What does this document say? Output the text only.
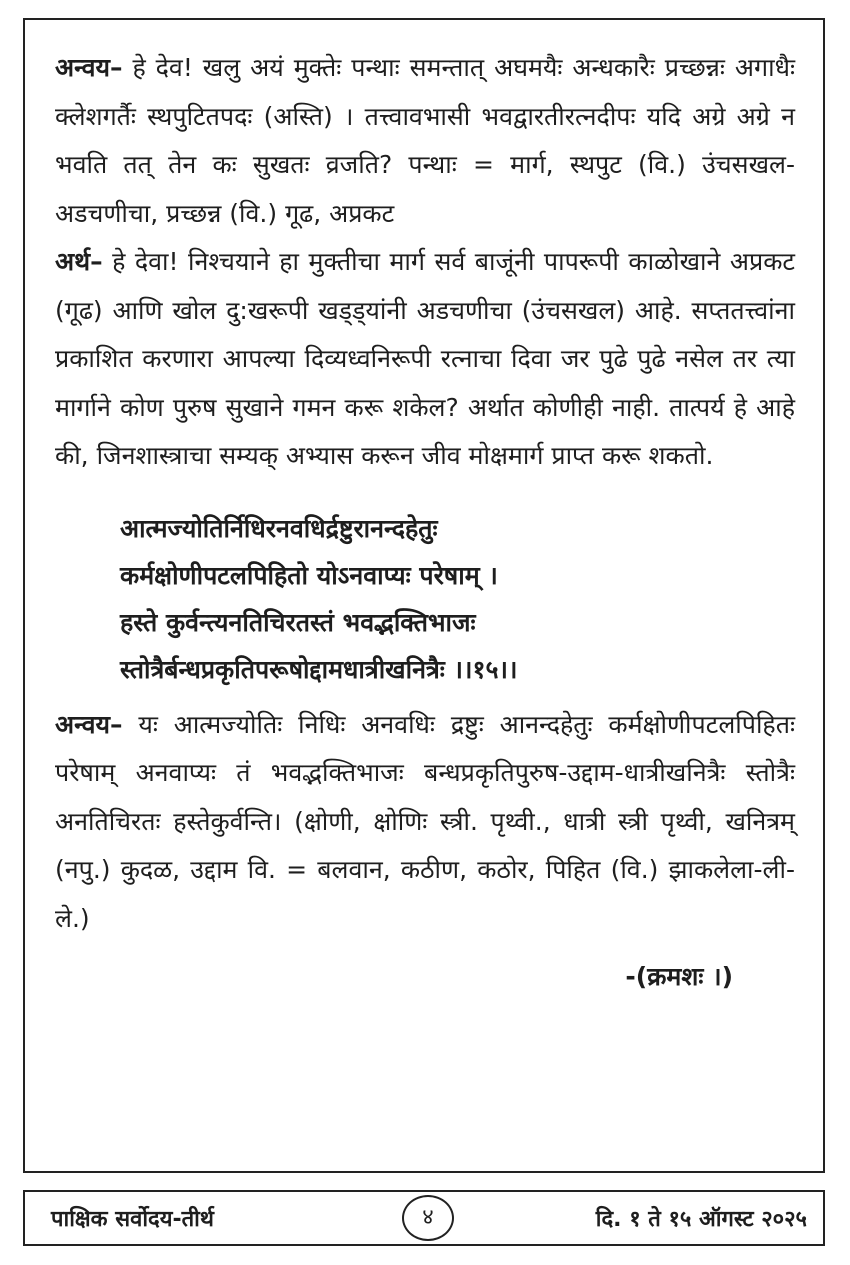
अन्वय– हे देव! खलु अयं मुक्तेः पन्थाः समन्तात् अघमयैः अन्धकारैः प्रच्छन्नः अगाधैः क्लेशगर्तैः स्थपुटितपदः (अस्ति) । तत्त्वावभासी भवद्वारतीरत्नदीपः यदि अग्रे अग्रे न भवति तत् तेन कः सुखतः व्रजति? पन्थाः = मार्ग, स्थपुट (वि.) उंचसखल-अडचणीचा, प्रच्छन्न (वि.) गूढ, अप्रकट

अर्थ– हे देवा! निश्चयाने हा मुक्तीचा मार्ग सर्व बाजूंनी पापरूपी काळोखाने अप्रकट (गूढ) आणि खोल दु:खरूपी खड्ड्यांनी अडचणीचा (उंचसखल) आहे. सप्ततत्त्वांना प्रकाशित करणारा आपल्या दिव्यध्वनिरूपी रत्नाचा दिवा जर पुढे पुढे नसेल तर त्या मार्गाने कोण पुरुष सुखाने गमन करू शकेल? अर्थात कोणीही नाही. तात्पर्य हे आहे की, जिनशास्त्राचा सम्यक् अभ्यास करून जीव मोक्षमार्ग प्राप्त करू शकतो.

आत्मज्योतिर्निधिरनवधिर्द्रष्टुरानन्दहेतुः
कर्मक्षोणीपटलपिहितो योऽनवाप्यः परेषाम् ।
हस्ते कुर्वन्त्यनतिचिरतस्तं भवद्भक्तिभाजः
स्तोत्रैर्बन्धप्रकृतिपरूषोद्दामधात्रीखनित्रैः ।।१५।।

अन्वय– यः आत्मज्योतिः निधिः अनवधिः द्रष्टुः आनन्दहेतुः कर्मक्षोणीपटलपिहितः परेषाम् अनवाप्यः तं भवद्भक्तिभाजः बन्धप्रकृतिपुरुष-उद्दाम-धात्रीखनित्रैः स्तोत्रैः अनतिचिरतः हस्तेकुर्वन्ति। (क्षोणी, क्षोणिः स्त्री. पृथ्वी., धात्री स्त्री पृथ्वी, खनित्रम् (नपु.) कुदळ, उद्दाम वि. = बलवान, कठीण, कठोर, पिहित (वि.) झाकलेला-ली-ले.)

-(क्रमशः ।)
पाक्षिक सर्वोदय-तीर्थ	४	दि. १ ते १५ ऑगस्ट २०२५
